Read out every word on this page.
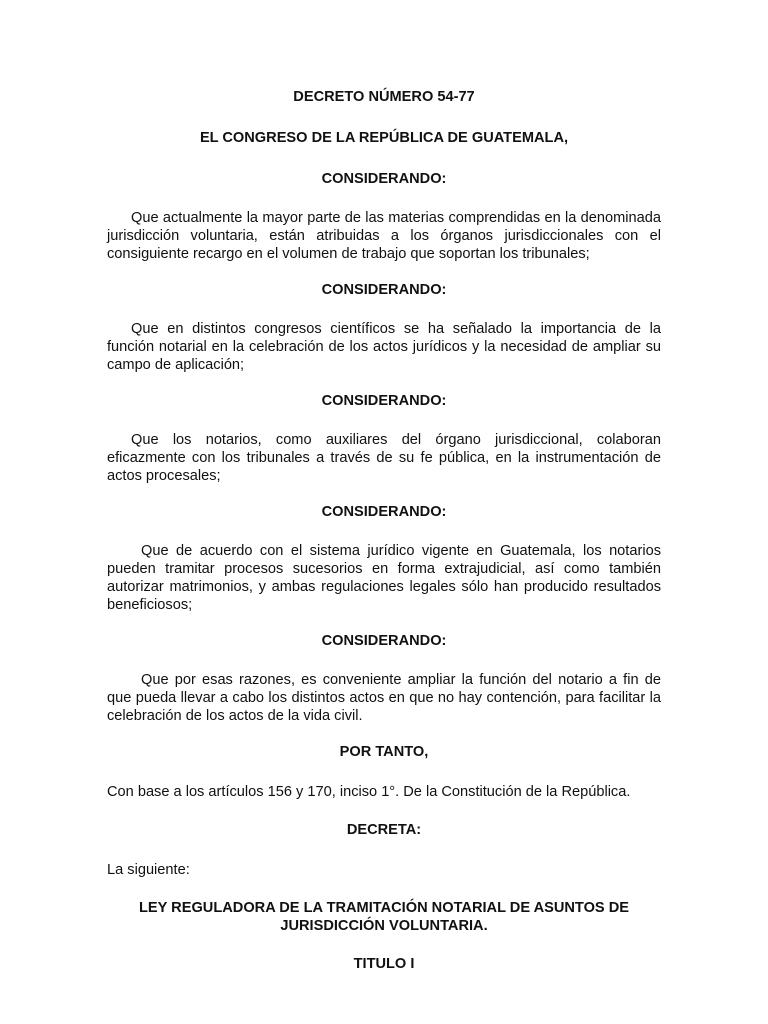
DECRETO NÚMERO 54-77

EL CONGRESO DE LA REPÚBLICA DE GUATEMALA,

CONSIDERANDO:

Que actualmente la mayor parte de las materias comprendidas en la denominada jurisdicción voluntaria, están atribuidas a los órganos jurisdiccionales con el consiguiente recargo en el volumen de trabajo que soportan los tribunales;

CONSIDERANDO:

Que en distintos congresos científicos se ha señalado la importancia de la función notarial en la celebración de los actos jurídicos y la necesidad de ampliar su campo de aplicación;

CONSIDERANDO:

Que los notarios, como auxiliares del órgano jurisdiccional, colaboran eficazmente con los tribunales a través de su fe pública, en la instrumentación de actos procesales;

CONSIDERANDO:

Que de acuerdo con el sistema jurídico vigente en Guatemala, los notarios pueden tramitar procesos sucesorios en forma extrajudicial, así como también autorizar matrimonios, y ambas regulaciones legales sólo han producido resultados beneficiosos;

CONSIDERANDO:

Que por esas razones, es conveniente ampliar la función del notario a fin de que pueda llevar a cabo los distintos actos en que no hay contención, para facilitar la celebración de los actos de la vida civil.

POR TANTO,

Con base a los artículos 156 y 170, inciso 1°. De la Constitución de la República.

DECRETA:

La siguiente:

LEY REGULADORA DE LA TRAMITACIÓN NOTARIAL DE ASUNTOS DE

JURISDICCIÓN VOLUNTARIA.

TITULO I
